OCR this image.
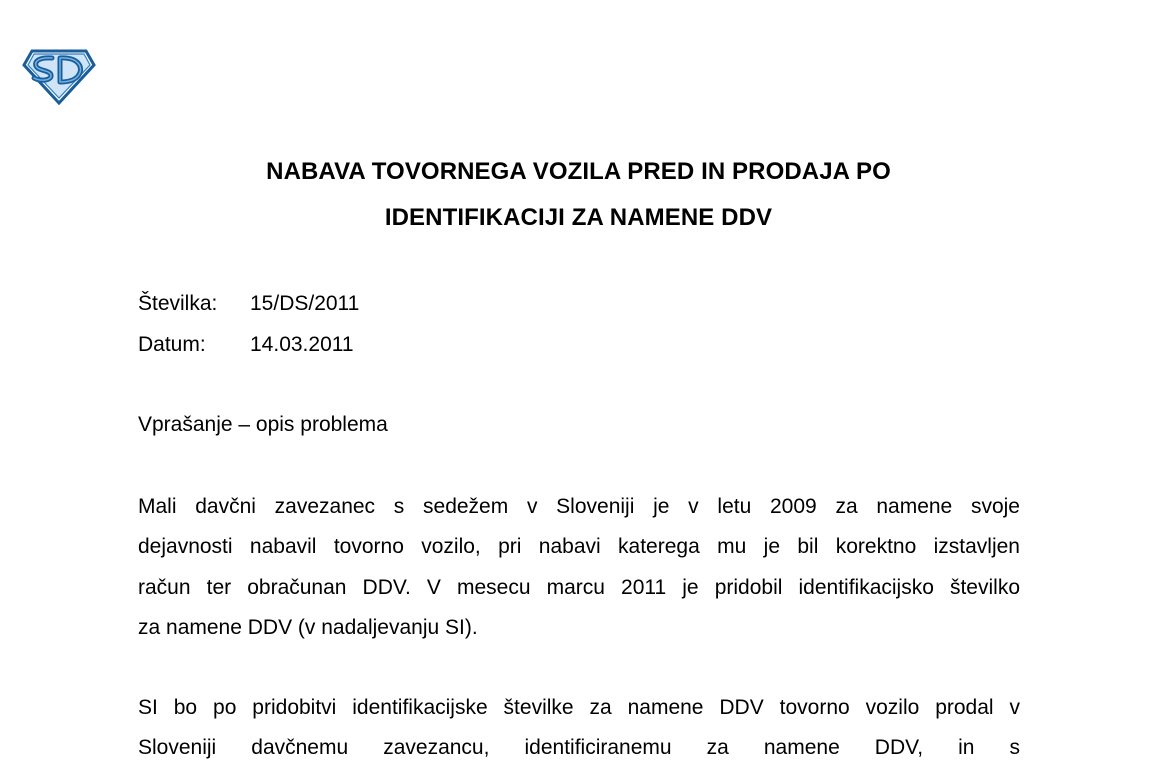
NABAVA TOVORNEGA VOZILA PRED IN PRODAJA PO
IDENTIFIKACIJI ZA NAMENE DDV
Številka: 15/DS/2011
Datum: 14.03.2011
Vprašanje – opis problema
Mali davčni zavezanec s sedežem v Sloveniji je v letu 2009 za namene svoje
dejavnosti nabavil tovorno vozilo, pri nabavi katerega mu je bil korektno izstavljen
račun ter obračunan DDV. V mesecu marcu 2011 je pridobil identifikacijsko številko
za namene DDV (v nadaljevanju SI).
SI bo po pridobitvi identifikacijske številke za namene DDV tovorno vozilo prodal v
Sloveniji davčnemu zavezancu, identificiranemu za namene DDV, in s
